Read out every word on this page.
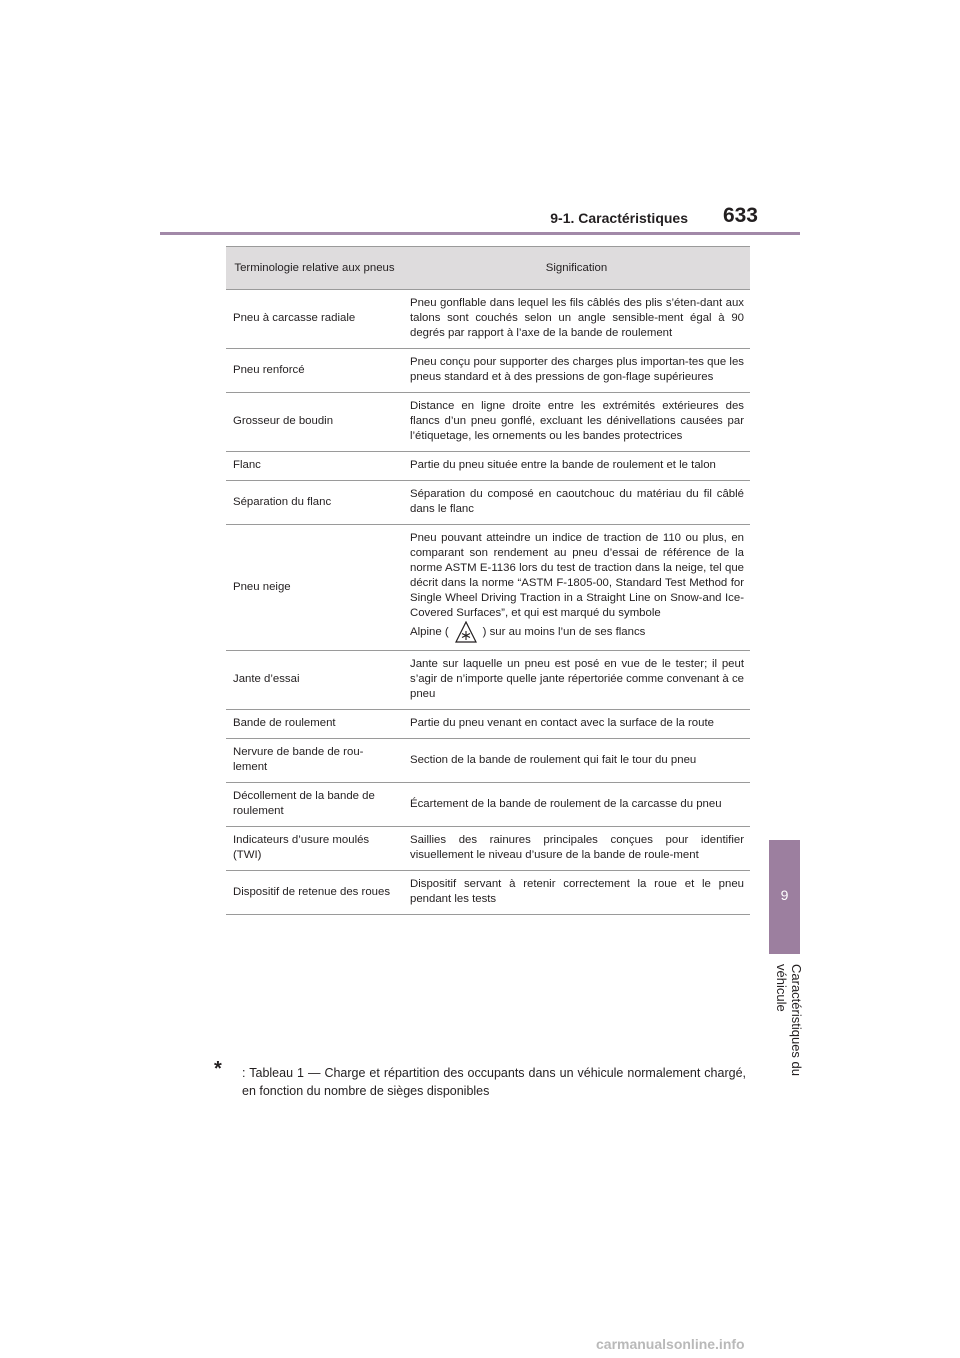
9-1. Caractéristiques 633
9
Caractéristiques du véhicule
Terminologie relative aux pneus	Signification
Pneu à carcasse radiale	Pneu gonflable dans lequel les fils câblés des plis s’éten-dant aux talons sont couchés selon un angle sensible-ment égal à 90 degrés par rapport à l’axe de la bande de roulement
Pneu renforcé	Pneu conçu pour supporter des charges plus importan-tes que les pneus standard et à des pressions de gon-flage supérieures
Grosseur de boudin	Distance en ligne droite entre les extrémités extérieures des flancs d’un pneu gonflé, excluant les dénivellations causées par l’étiquetage, les ornements ou les bandes protectrices
Flanc	Partie du pneu située entre la bande de roulement et le talon
Séparation du flanc	Séparation du composé en caoutchouc du matériau du fil câblé dans le flanc
Pneu neige	Pneu pouvant atteindre un indice de traction de 110 ou plus, en comparant son rendement au pneu d’essai de référence de la norme ASTM E-1136 lors du test de traction dans la neige, tel que décrit dans la norme “ASTM F-1805-00, Standard Test Method for Single Wheel Driving Traction in a Straight Line on Snow-and Ice-Covered Surfaces”, et qui est marqué du symbole
Alpine ( ) sur au moins l’un de ses flancs
Jante d’essai	Jante sur laquelle un pneu est posé en vue de le tester; il peut s’agir de n’importe quelle jante répertoriée comme convenant à ce pneu
Bande de roulement	Partie du pneu venant en contact avec la surface de la route
Nervure de bande de rou-lement	Section de la bande de roulement qui fait le tour du pneu
Décollement de la bande de roulement	Écartement de la bande de roulement de la carcasse du pneu
Indicateurs d’usure moulés (TWI)	Saillies des rainures principales conçues pour identifier visuellement le niveau d’usure de la bande de roule-ment
Dispositif de retenue des roues	Dispositif servant à retenir correctement la roue et le pneu pendant les tests
* : Tableau 1 — Charge et répartition des occupants dans un véhicule normalement chargé, en fonction du nombre de sièges disponibles
carmanualsonline.info
